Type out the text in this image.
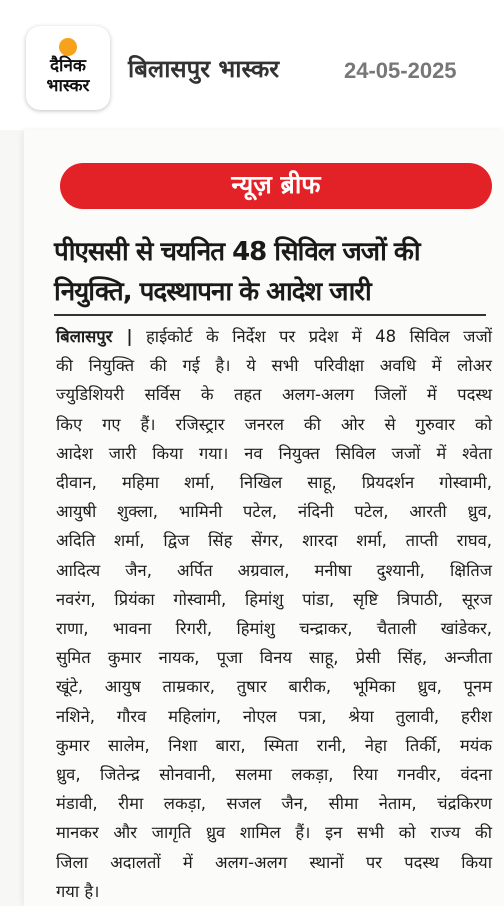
दैनिक
भास्कर
बिलासपुर भास्कर	24-05-2025
न्यूज़ ब्रीफ
पीएससी से चयनित 48 सिविल जजों की
नियुक्ति, पदस्थापना के आदेश जारी
बिलासपुर | हाईकोर्ट के निर्देश पर प्रदेश में 48 सिविल जजों
की नियुक्ति की गई है। ये सभी परिवीक्षा अवधि में लोअर
ज्युडिशियरी सर्विस के तहत अलग-अलग जिलों में पदस्थ
किए गए हैं। रजिस्ट्रार जनरल की ओर से गुरुवार को
आदेश जारी किया गया। नव नियुक्त सिविल जजों में श्वेता
दीवान, महिमा शर्मा, निखिल साहू, प्रियदर्शन गोस्वामी,
आयुषी शुक्ला, भामिनी पटेल, नंदिनी पटेल, आरती ध्रुव,
अदिति शर्मा, द्विज सिंह सेंगर, शारदा शर्मा, ताप्ती राघव,
आदित्य जैन, अर्पित अग्रवाल, मनीषा दुश्यानी, क्षितिज
नवरंग, प्रियंका गोस्वामी, हिमांशु पांडा, सृष्टि त्रिपाठी, सूरज
राणा, भावना रिगरी, हिमांशु चन्द्राकर, चैताली खांडेकर,
सुमित कुमार नायक, पूजा विनय साहू, प्रेसी सिंह, अन्जीता
खूंटे, आयुष ताम्रकार, तुषार बारीक, भूमिका ध्रुव, पूनम
नशिने, गौरव महिलांग, नोएल पत्रा, श्रेया तुलावी, हरीश
कुमार सालेम, निशा बारा, स्मिता रानी, नेहा तिर्की, मयंक
ध्रुव, जितेन्द्र सोनवानी, सलमा लकड़ा, रिया गनवीर, वंदना
मंडावी, रीमा लकड़ा, सजल जैन, सीमा नेताम, चंद्रकिरण
मानकर और जागृति ध्रुव शामिल हैं। इन सभी को राज्य की
जिला अदालतों में अलग-अलग स्थानों पर पदस्थ किया
गया है।
